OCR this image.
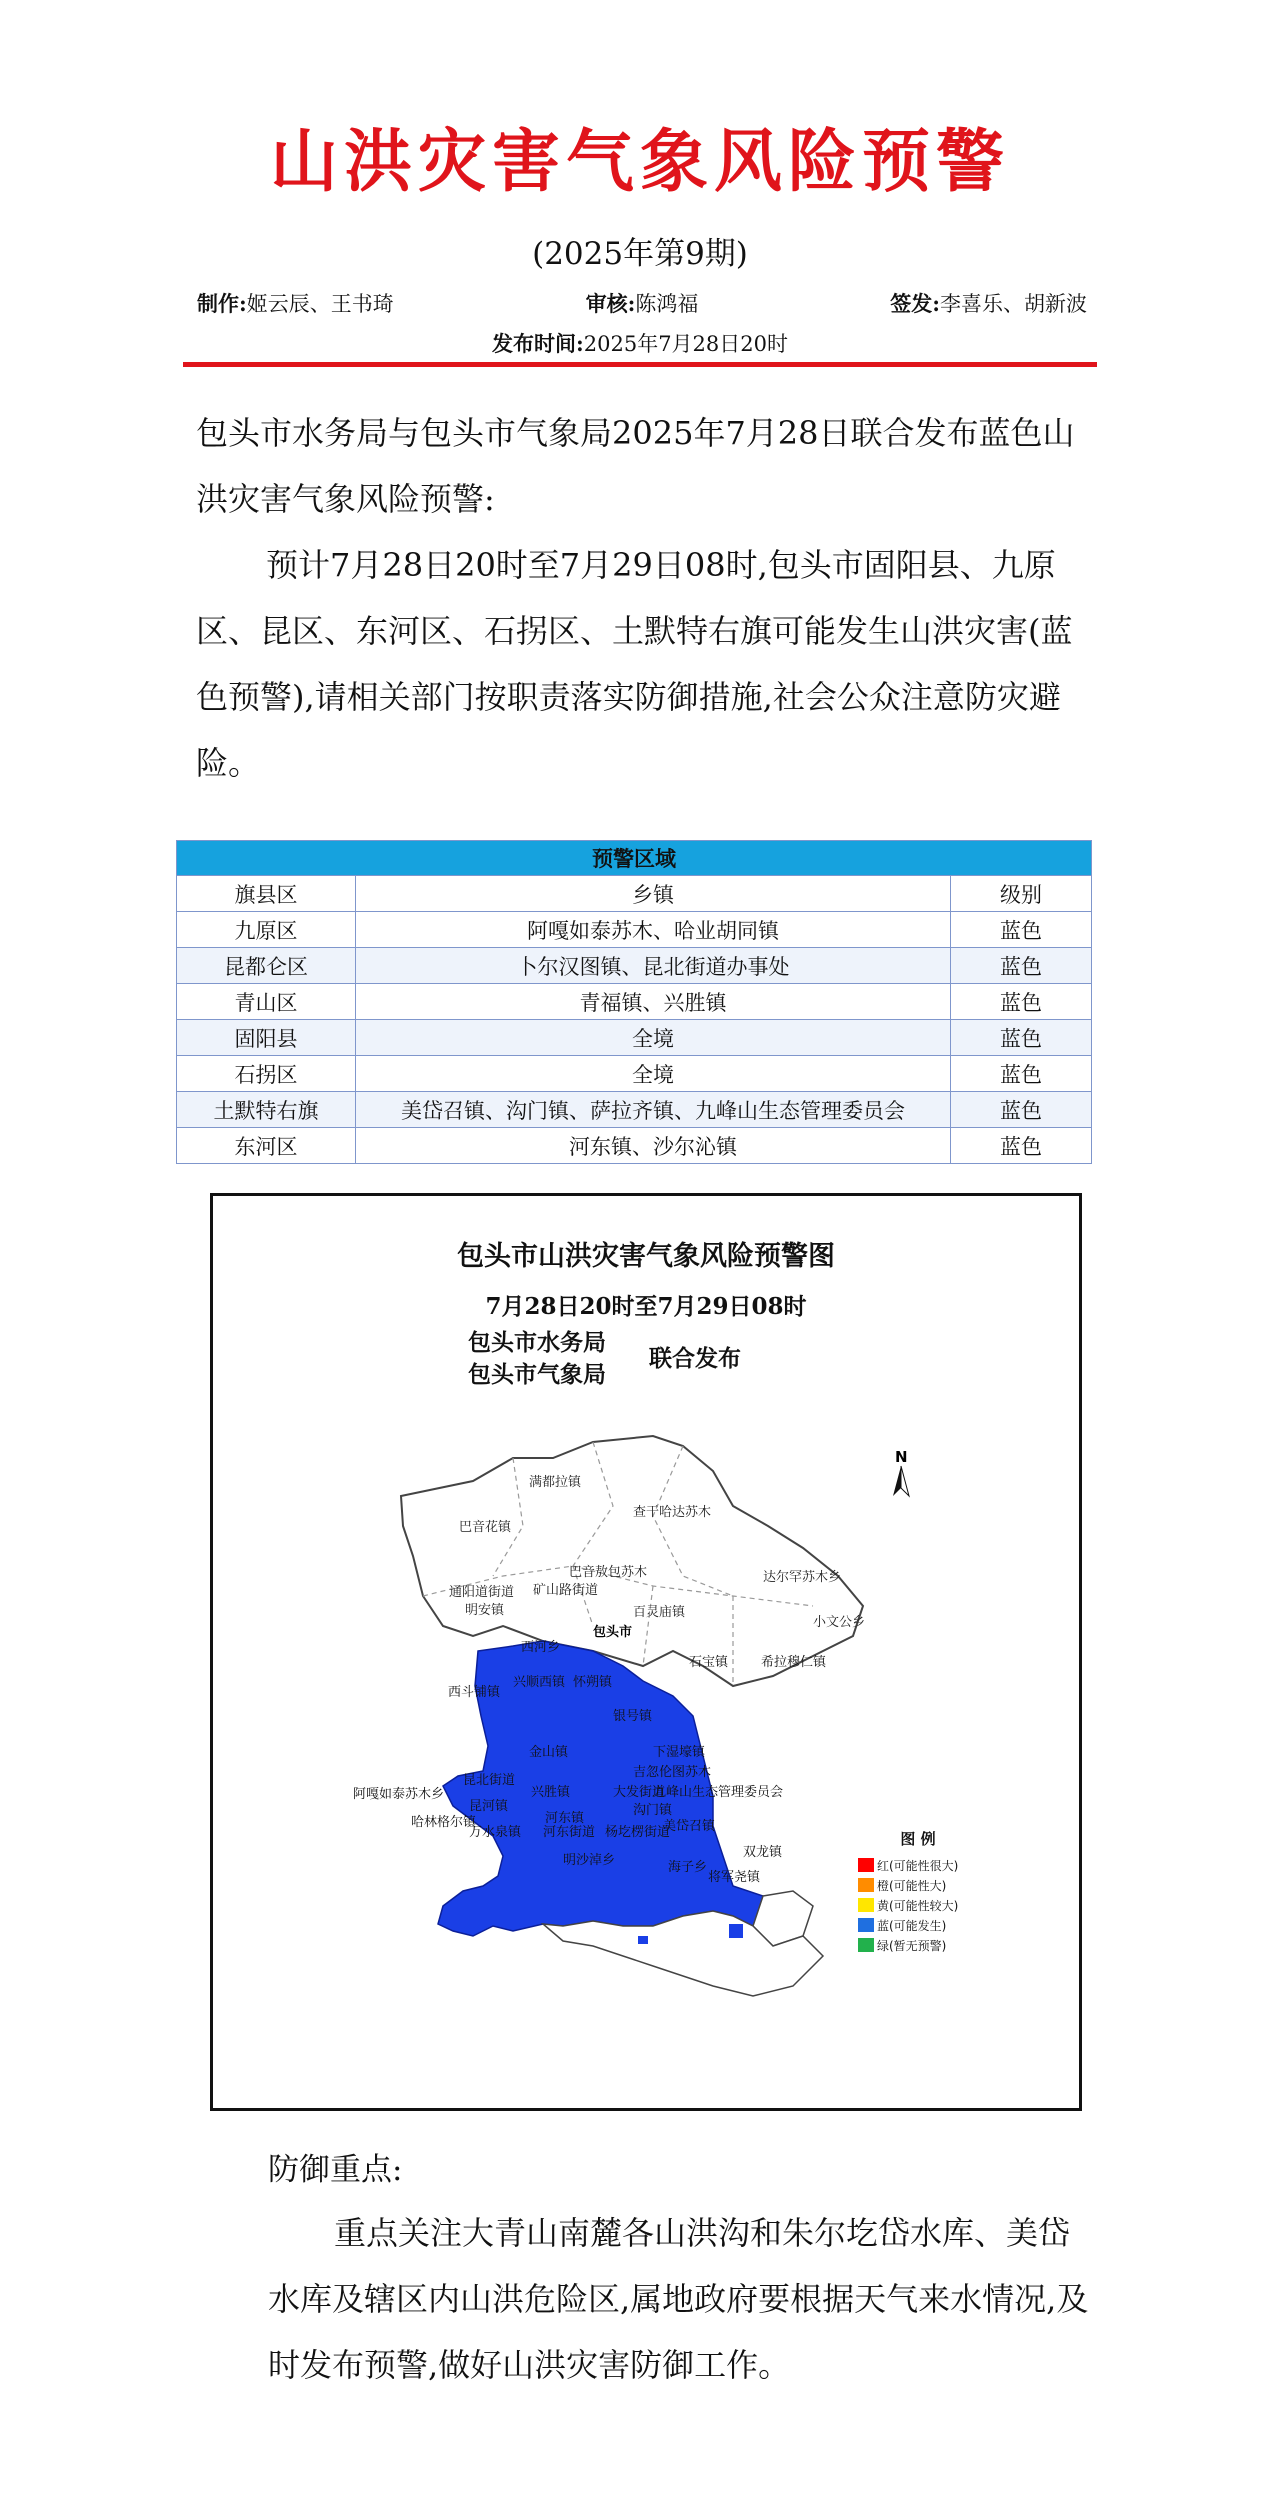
山洪灾害气象风险预警
(2025年第9期)
制作:姬云辰、王书琦	审核:陈鸿福	签发:李喜乐、胡新波
发布时间:2025年7月28日20时

包头市水务局与包头市气象局2025年7月28日联合发布蓝色山洪灾害气象风险预警:

预计7月28日20时至7月29日08时,包头市固阳县、九原区、昆区、东河区、石拐区、土默特右旗可能发生山洪灾害(蓝色预警),请相关部门按职责落实防御措施,社会公众注意防灾避险。

预警区域		
旗县区	乡镇	级别
九原区	阿嘎如泰苏木、哈业胡同镇	蓝色
昆都仑区	卜尔汉图镇、昆北街道办事处	蓝色
青山区	青福镇、兴胜镇	蓝色
固阳县	全境	蓝色
石拐区	全境	蓝色
土默特右旗	美岱召镇、沟门镇、萨拉齐镇、九峰山生态管理委员会	蓝色
东河区	河东镇、沙尔沁镇	蓝色
包头市山洪灾害气象风险预警图
7月28日20时至7月29日08时
包头市水务局
包头市气象局
联合发布
N
包头市
满都拉镇
查干哈达苏木
巴音花镇
巴音敖包苏木	达尔罕苏木乡
通阳道街道
明安镇
矿山路街道
百灵庙镇
小文公乡
西河乡
石宝镇	希拉穆仁镇
兴顺西镇 怀朔镇
西斗铺镇
银号镇
金山镇	下湿壕镇
吉忽伦图苏木
阿嘎如泰苏木乡
昆北街道
大发街道
九峰山生态管理委员会
兴胜镇
昆河镇	沟门镇
哈林格尔镇	河东镇
美岱召镇
万水泉镇 河东街道 杨圪楞街道
双龙镇
明沙淖乡	海子乡
将军尧镇
图 例
红(可能性很大)
橙(可能性大)
黄(可能性较大)
蓝(可能发生)
绿(暂无预警)

防御重点:

重点关注大青山南麓各山洪沟和朱尔圪岱水库、美岱水库及辖区内山洪危险区,属地政府要根据天气来水情况,及时发布预警,做好山洪灾害防御工作。
